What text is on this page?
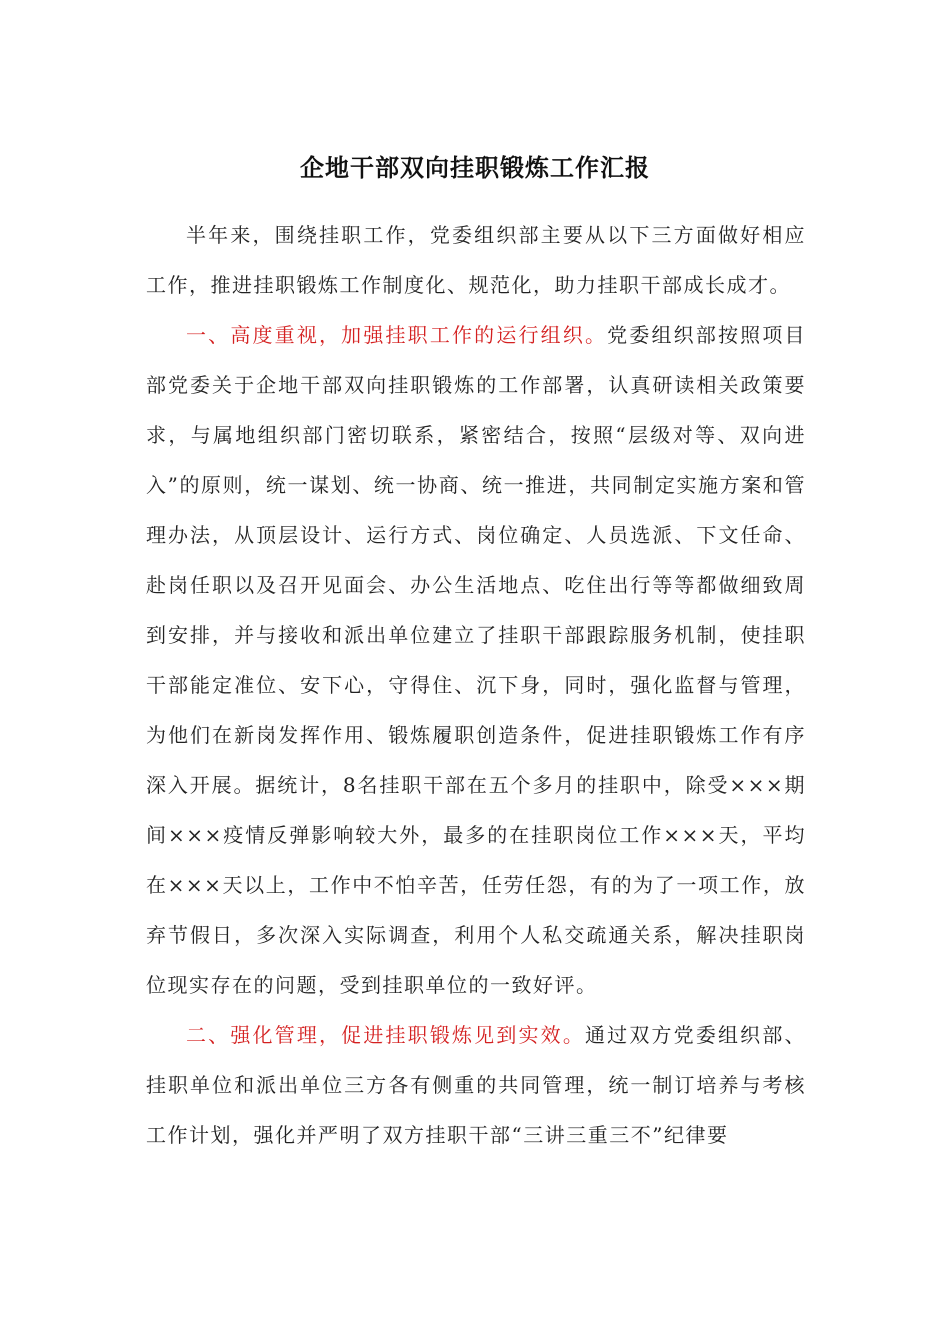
企地干部双向挂职锻炼工作汇报

半年来，围绕挂职工作，党委组织部主要从以下三方面做好相应工作，推进挂职锻炼工作制度化、规范化，助力挂职干部成长成才。

一、高度重视，加强挂职工作的运行组织。党委组织部按照项目部党委关于企地干部双向挂职锻炼的工作部署，认真研读相关政策要求，与属地组织部门密切联系，紧密结合，按照“层级对等、双向进入”的原则，统一谋划、统一协商、统一推进，共同制定实施方案和管理办法，从顶层设计、运行方式、岗位确定、人员选派、下文任命、赴岗任职以及召开见面会、办公生活地点、吃住出行等等都做细致周到安排，并与接收和派出单位建立了挂职干部跟踪服务机制，使挂职干部能定准位、安下心，守得住、沉下身，同时，强化监督与管理，为他们在新岗发挥作用、锻炼履职创造条件，促进挂职锻炼工作有序深入开展。据统计，8名挂职干部在五个多月的挂职中，除受×××期间×××疫情反弹影响较大外，最多的在挂职岗位工作×××天，平均在×××天以上，工作中不怕辛苦，任劳任怨，有的为了一项工作，放弃节假日，多次深入实际调查，利用个人私交疏通关系，解决挂职岗位现实存在的问题，受到挂职单位的一致好评。

二、强化管理，促进挂职锻炼见到实效。通过双方党委组织部、挂职单位和派出单位三方各有侧重的共同管理，统一制订培养与考核工作计划，强化并严明了双方挂职干部“三讲三重三不”纪律要
